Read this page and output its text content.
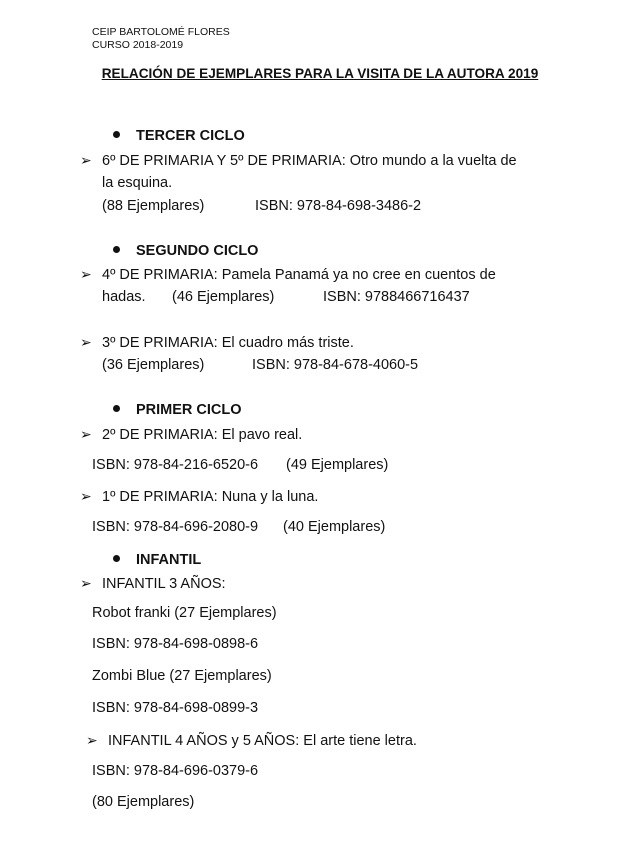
CEIP BARTOLOMÉ FLORES
CURSO 2018-2019
RELACIÓN DE EJEMPLARES PARA LA VISITA DE LA AUTORA 2019
TERCER CICLO
➢ 6º DE PRIMARIA Y 5º DE PRIMARIA: Otro mundo a la vuelta de
la esquina.
(88 Ejemplares)	ISBN: 978-84-698-3486-2
SEGUNDO CICLO
➢ 4º DE PRIMARIA: Pamela Panamá ya no cree en cuentos de
hadas. (46 Ejemplares)	ISBN: 9788466716437
➢ 3º DE PRIMARIA: El cuadro más triste.
(36 Ejemplares)	ISBN: 978-84-678-4060-5
PRIMER CICLO
➢ 2º DE PRIMARIA: El pavo real.
ISBN: 978-84-216-6520-6 (49 Ejemplares)
➢ 1º DE PRIMARIA: Nuna y la luna.
ISBN: 978-84-696-2080-9 (40 Ejemplares)
INFANTIL
➢ INFANTIL 3 AÑOS:
Robot franki (27 Ejemplares)
ISBN: 978-84-698-0898-6
Zombi Blue (27 Ejemplares)
ISBN: 978-84-698-0899-3
➢ INFANTIL 4 AÑOS y 5 AÑOS: El arte tiene letra.
ISBN: 978-84-696-0379-6
(80 Ejemplares)
